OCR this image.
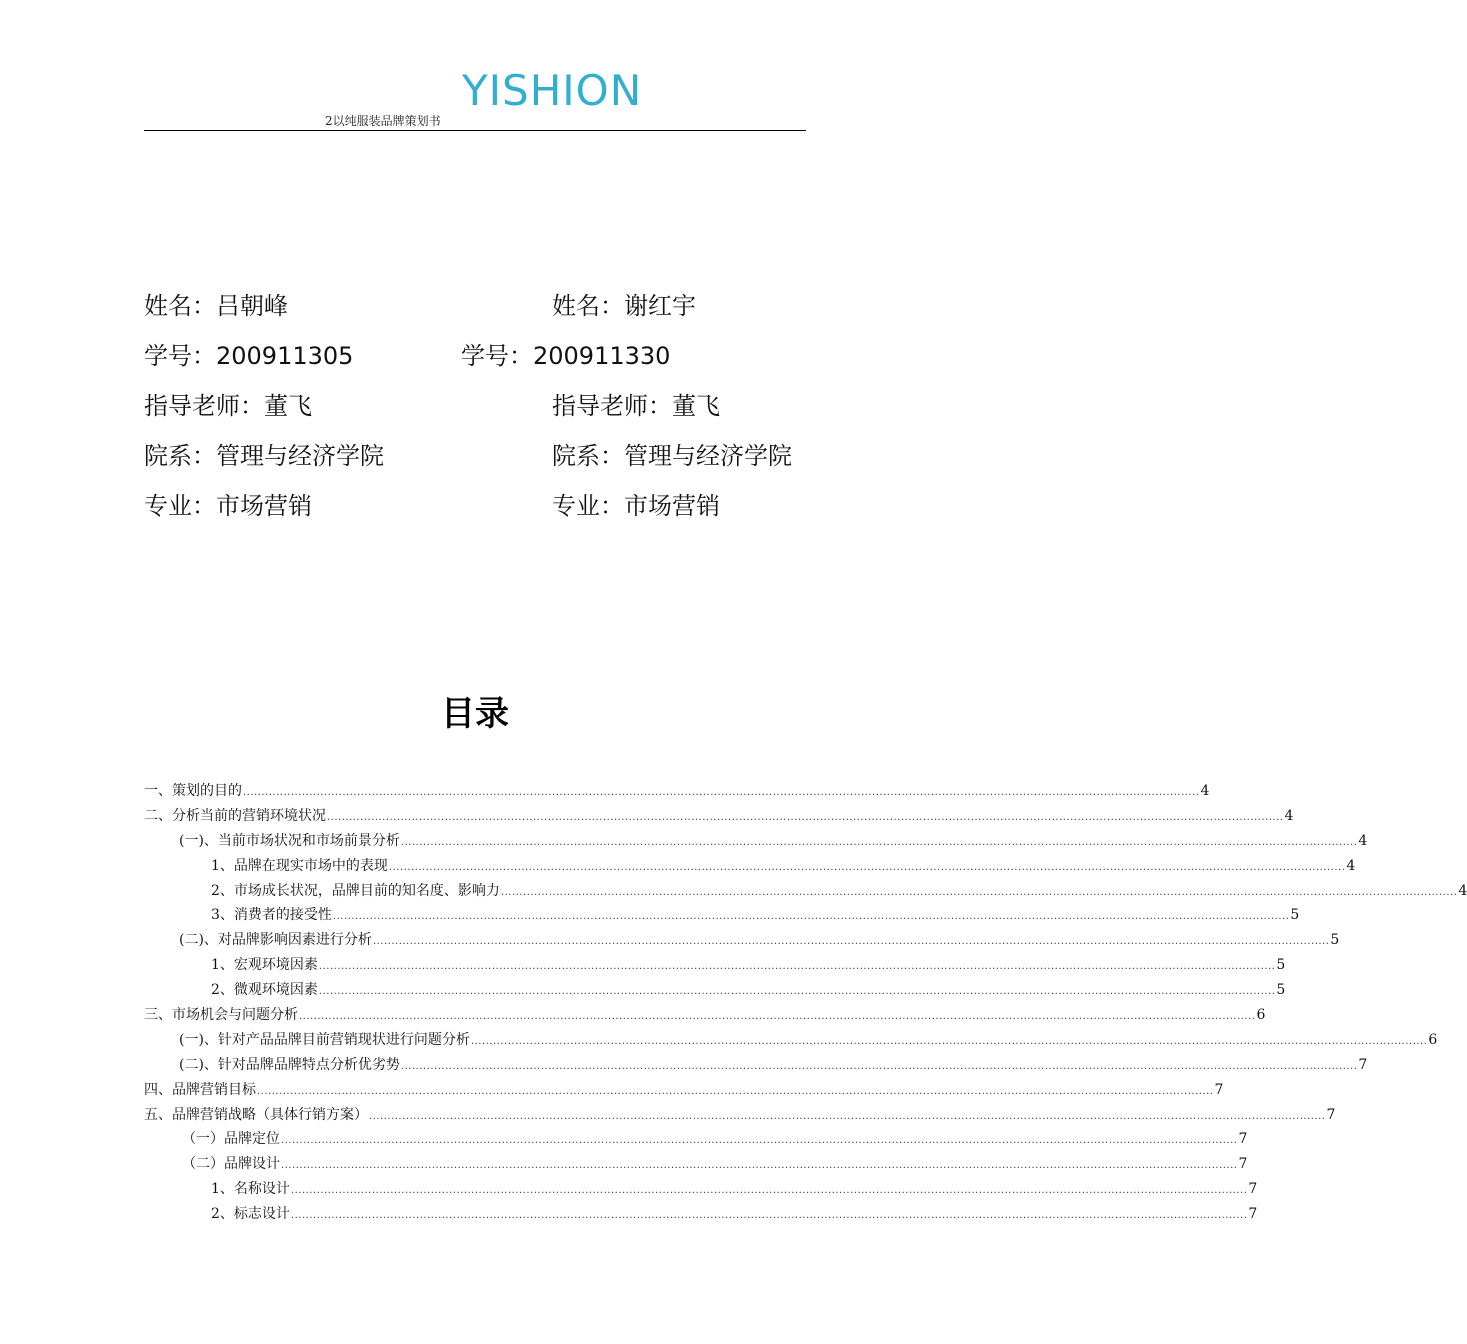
2以纯服装品牌策划书
YISHION
姓名：吕朝峰	姓名：谢红宇
学号：200911305	学号：200911330
指导老师：董飞	指导老师：董飞
院系：管理与经济学院	院系：管理与经济学院
专业：市场营销	专业：市场营销
目录
一、策划的目的 .................................................................................................................................................................................................................................................................... 4
二、分析当前的营销环境状况 .................................................................................................................................................................................................................................................................... 4
(一)、当前市场状况和市场前景分析 .................................................................................................................................................................................................................................................................... 4
1、品牌在现实市场中的表现 .................................................................................................................................................................................................................................................................... 4
2、市场成长状况，品牌目前的知名度、影响力 .................................................................................................................................................................................................................................................................... 4
3、消费者的接受性 .................................................................................................................................................................................................................................................................... 5
(二)、对品牌影响因素进行分析 .................................................................................................................................................................................................................................................................... 5
1、宏观环境因素 .................................................................................................................................................................................................................................................................... 5
2、微观环境因素 .................................................................................................................................................................................................................................................................... 5
三、市场机会与问题分析 .................................................................................................................................................................................................................................................................... 6
(一)、针对产品品牌目前营销现状进行问题分析 .................................................................................................................................................................................................................................................................... 6
(二)、针对品牌品牌特点分析优劣势 .................................................................................................................................................................................................................................................................... 7
四、品牌营销目标 .................................................................................................................................................................................................................................................................... 7
五、品牌营销战略（具体行销方案） .................................................................................................................................................................................................................................................................... 7
（一）品牌定位 .................................................................................................................................................................................................................................................................... 7
（二）品牌设计 .................................................................................................................................................................................................................................................................... 7
1、名称设计 .................................................................................................................................................................................................................................................................... 7
2、标志设计 .................................................................................................................................................................................................................................................................... 7
